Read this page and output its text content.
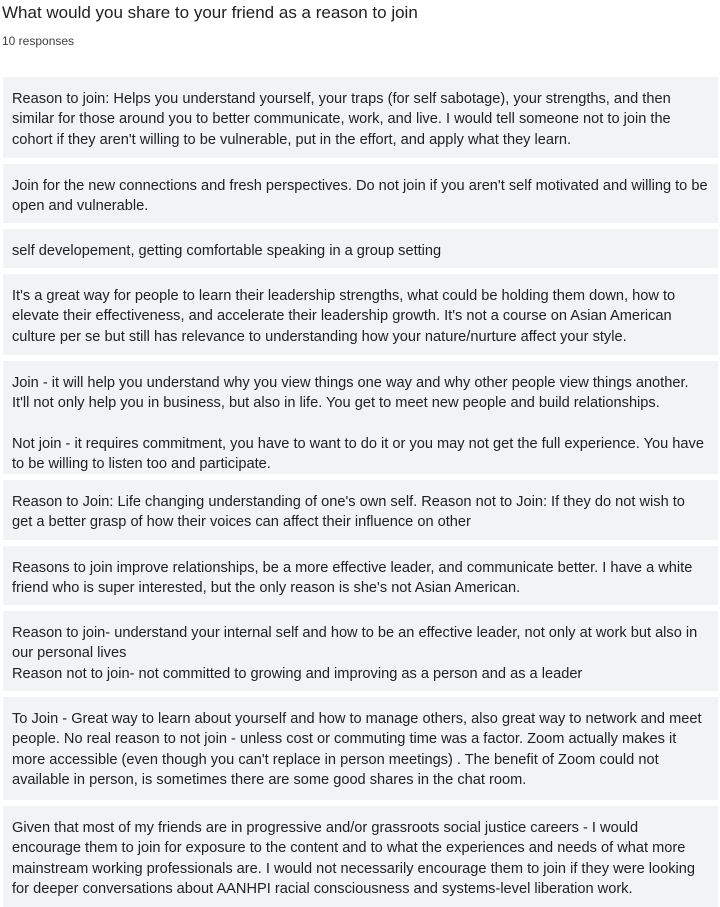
What would you share to your friend as a reason to join
10 responses
Reason to join: Helps you understand yourself, your traps (for self sabotage), your strengths, and then similar for those around you to better communicate, work, and live. I would tell someone not to join the cohort if they aren't willing to be vulnerable, put in the effort, and apply what they learn.
Join for the new connections and fresh perspectives. Do not join if you aren't self motivated and willing to be open and vulnerable.
self developement, getting comfortable speaking in a group setting
It's a great way for people to learn their leadership strengths, what could be holding them down, how to elevate their effectiveness, and accelerate their leadership growth. It's not a course on Asian American culture per se but still has relevance to understanding how your nature/nurture affect your style.
Join - it will help you understand why you view things one way and why other people view things another. It'll not only help you in business, but also in life. You get to meet new people and build relationships.

Not join - it requires commitment, you have to want to do it or you may not get the full experience. You have to be willing to listen too and participate.
Reason to Join: Life changing understanding of one's own self. Reason not to Join: If they do not wish to get a better grasp of how their voices can affect their influence on other
Reasons to join improve relationships, be a more effective leader, and communicate better. I have a white friend who is super interested, but the only reason is she's not Asian American.
Reason to join- understand your internal self and how to be an effective leader, not only at work but also in our personal lives
Reason not to join- not committed to growing and improving as a person and as a leader
To Join - Great way to learn about yourself and how to manage others, also great way to network and meet people. No real reason to not join - unless cost or commuting time was a factor. Zoom actually makes it more accessible (even though you can't replace in person meetings) . The benefit of Zoom could not available in person, is sometimes there are some good shares in the chat room.
Given that most of my friends are in progressive and/or grassroots social justice careers - I would encourage them to join for exposure to the content and to what the experiences and needs of what more mainstream working professionals are. I would not necessarily encourage them to join if they were looking for deeper conversations about AANHPI racial consciousness and systems-level liberation work.
